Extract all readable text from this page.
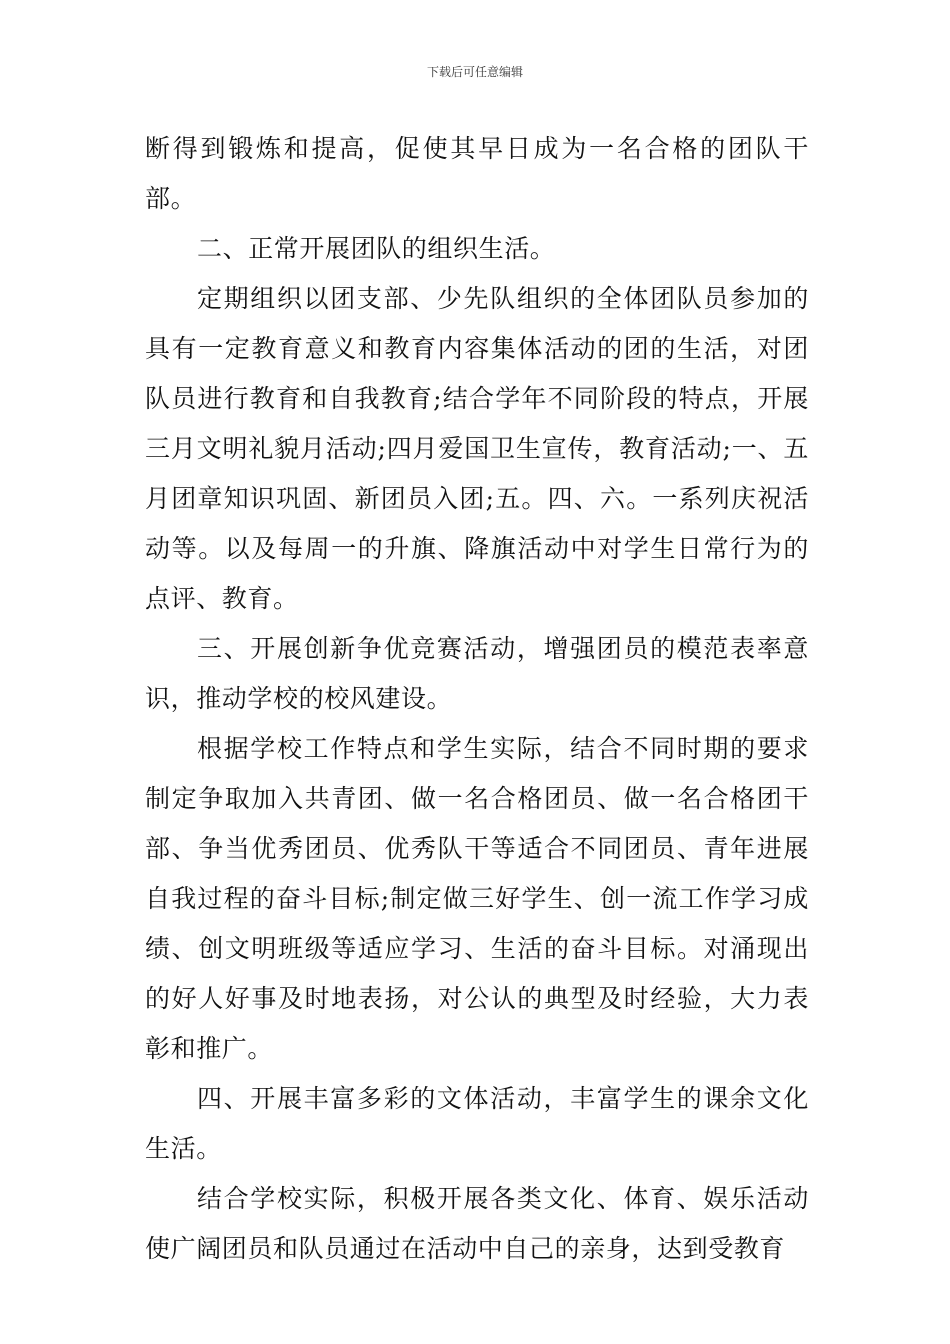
下载后可任意编辑

断得到锻炼和提高，促使其早日成为一名合格的团队干部。

二、正常开展团队的组织生活。

定期组织以团支部、少先队组织的全体团队员参加的具有一定教育意义和教育内容集体活动的团的生活，对团队员进行教育和自我教育;结合学年不同阶段的特点，开展三月文明礼貌月活动;四月爱国卫生宣传，教育活动;一、五月团章知识巩固、新团员入团;五。四、六。一系列庆祝活动等。以及每周一的升旗、降旗活动中对学生日常行为的点评、教育。

三、开展创新争优竞赛活动，增强团员的模范表率意识，推动学校的校风建设。

根据学校工作特点和学生实际，结合不同时期的要求制定争取加入共青团、做一名合格团员、做一名合格团干部、争当优秀团员、优秀队干等适合不同团员、青年进展自我过程的奋斗目标;制定做三好学生、创一流工作学习成绩、创文明班级等适应学习、生活的奋斗目标。对涌现出的好人好事及时地表扬，对公认的典型及时经验，大力表彰和推广。

四、开展丰富多彩的文体活动，丰富学生的课余文化生活。

结合学校实际，积极开展各类文化、体育、娱乐活动使广阔团员和队员通过在活动中自己的亲身，达到受教育
